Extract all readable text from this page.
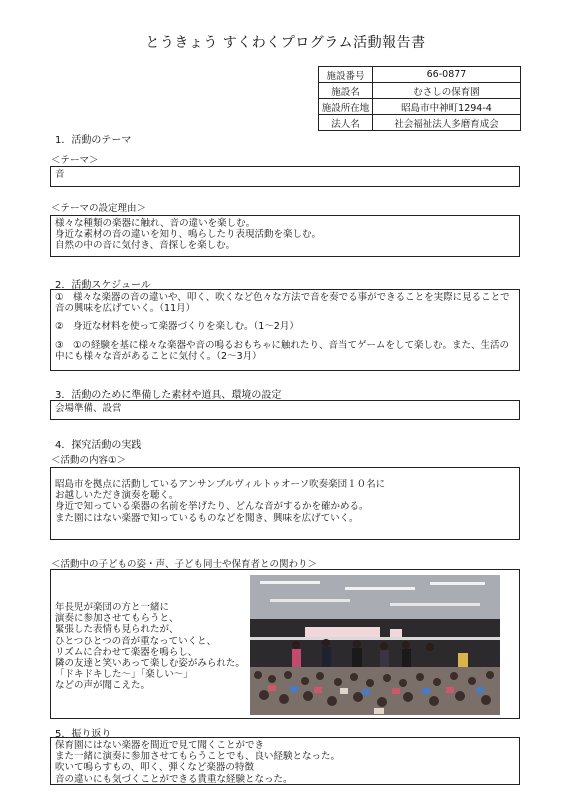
とうきょう すくわくプログラム活動報告書
施設番号	66-0877
施設名	むさしの保育園
施設所在地	昭島市中神町1294-4
法人名	社会福祉法人多磨育成会
1．活動のテーマ
＜テーマ＞

音

＜テーマの設定理由＞

様々な種類の楽器に触れ、音の違いを楽しむ。

身近な素材の音の違いを知り、鳴らしたり表現活動を楽しむ。

自然の中の音に気付き、音探しを楽しむ。

2．活動スケジュール

①　様々な楽器の音の違いや、叩く、吹くなど色々な方法で音を奏でる事ができることを実際に見ることで音の興味を広げていく。（11月）

②　身近な材料を使って楽器づくりを楽しむ。（1～2月）

③　①の経験を基に様々な楽器や音の鳴るおもちゃに触れたり、音当てゲームをして楽しむ。また、生活の中にも様々な音があることに気付く。（2～3月）

3．活動のために準備した素材や道具、環境の設定

会場準備、設営

4．探究活動の実践
＜活動の内容①＞

昭島市を拠点に活動しているアンサンブルヴィルトゥオーソ吹奏楽団１０名に

お越しいただき演奏を聴く。

身近で知っている楽器の名前を挙げたり、どんな音がするかを確かめる。

また園にはない楽器で知っているものなどを聞き、興味を広げていく。

＜活動中の子どもの姿・声、子ども同士や保育者との関わり＞

年長児が楽団の方と一緒に

演奏に参加させてもらうと、

緊張した表情も見られたが、

ひとつひとつの音が重なっていくと、

リズムに合わせて楽器を鳴らし、

隣の友達と笑いあって楽しむ姿がみられた。

「ドキドキした～」「楽しい～」

などの声が聞こえた。

5．振り返り

保育園にはない楽器を間近で見て聞くことができ

また一緒に演奏に参加させてもらうことでも、良い経験となった。

吹いて鳴らすもの、叩く、弾くなど楽器の特徴

音の違いにも気づくことができる貴重な経験となった。
